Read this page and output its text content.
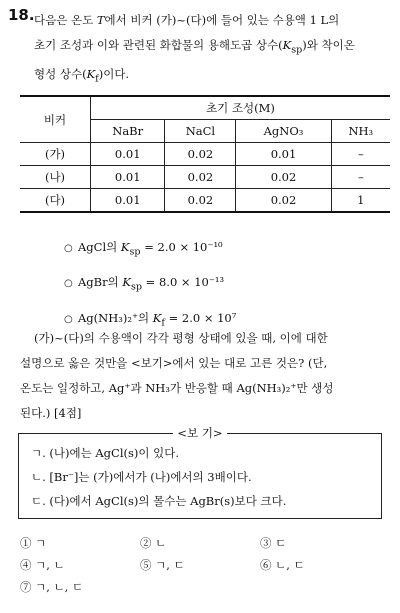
18. 다음은 온도 T에서 비커 (가)~(다)에 들어 있는 수용액 1 L의
초기 조성과 이와 관련된 화합물의 용해도곱 상수$(K_{sp})$와 착이온
형성 상수$(K_f)$이다.
비커	초기 조성(M)			
	NaBr	NaCl	AgNO₃	NH₃
(가)	0.01	0.02	0.01	–
(나)	0.01	0.02	0.02	–
(다)	0.01	0.02	0.02	1
○ AgCl의 $K_{sp} = 2.0 \times 10^{-10}$
○ AgBr의 $K_{sp} = 8.0 \times 10^{-13}$
○ Ag(NH₃)₂⁺의 $K_f = 2.0 \times 10^7$
(가)~(다)의 수용액이 각각 평형 상태에 있을 때, 이에 대한
설명으로 옳은 것만을 <보기>에서 있는 대로 고른 것은? (단,
온도는 일정하고, Ag⁺과 NH₃가 반응할 때 Ag(NH₃)₂⁺만 생성
된다.) [4점]
<보 기>
ㄱ. (나)에는 AgCl(s)이 있다.
ㄴ. [Br⁻]는 (가)에서가 (나)에서의 3배이다.
ㄷ. (다)에서 AgCl(s)의 몰수는 AgBr(s)보다 크다.
① ㄱ	② ㄴ	③ ㄷ
④ ㄱ, ㄴ	⑤ ㄱ, ㄷ	⑥ ㄴ, ㄷ
⑦ ㄱ, ㄴ, ㄷ
